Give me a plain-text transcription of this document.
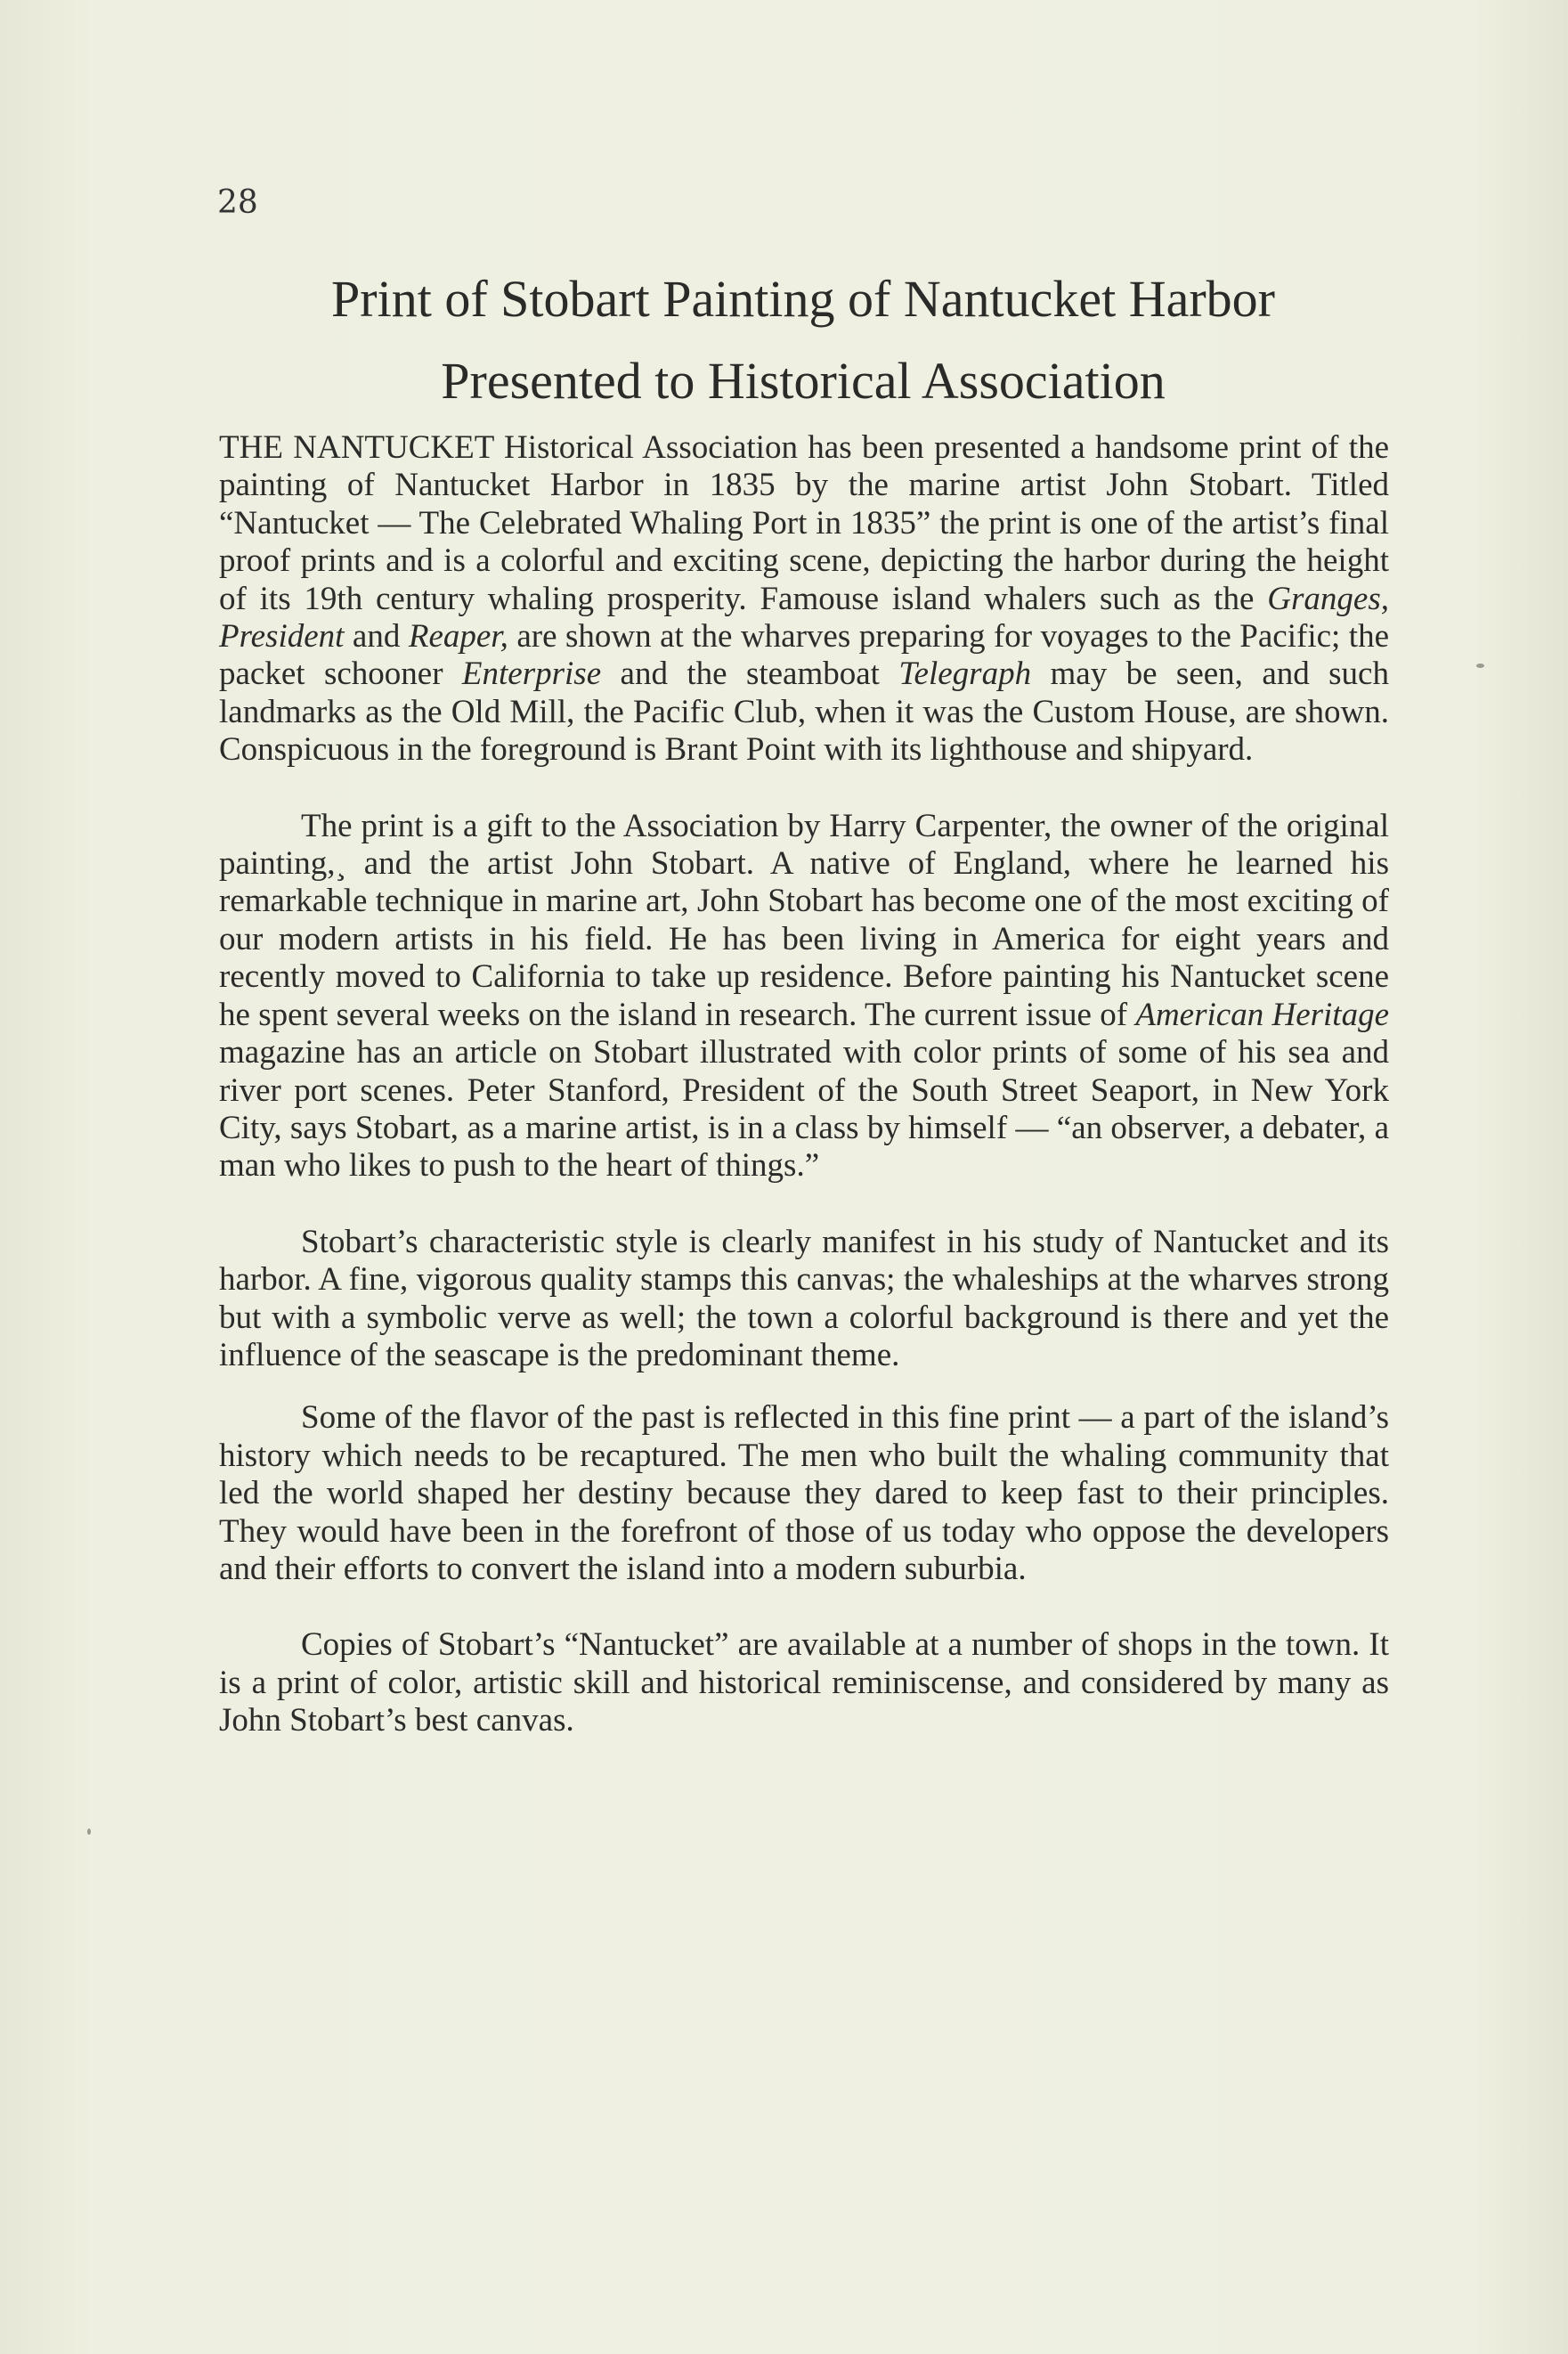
28
Print of Stobart Painting of Nantucket Harbor
Presented to Historical Association

THE NANTUCKET Historical Association has been presented a handsome print of the painting of Nantucket Harbor in 1835 by the marine artist John Stobart. Titled “Nantucket — The Celebrated Whaling Port in 1835” the print is one of the artist’s final proof prints and is a colorful and exciting scene, depicting the harbor during the height of its 19th century whaling prosperity. Famouse island whalers such as the Granges, President and Reaper, are shown at the wharves preparing for voyages to the Pacific; the packet schooner Enterprise and the steamboat Telegraph may be seen, and such landmarks as the Old Mill, the Pacific Club, when it was the Custom House, are shown. Conspicuous in the foreground is Brant Point with its lighthouse and shipyard.

The print is a gift to the Association by Harry Carpenter, the owner of the original painting,¸ and the artist John Stobart. A native of England, where he learned his remarkable technique in marine art, John Stobart has become one of the most exciting of our modern artists in his field. He has been living in America for eight years and recently moved to California to take up residence. Before painting his Nantucket scene he spent several weeks on the island in research. The current issue of American Heritage magazine has an article on Stobart illustrated with color prints of some of his sea and river port scenes. Peter Stanford, President of the South Street Seaport, in New York City, says Stobart, as a marine artist, is in a class by himself — “an observer, a debater, a man who likes to push to the heart of things.”

Stobart’s characteristic style is clearly manifest in his study of Nantucket and its harbor. A fine, vigorous quality stamps this canvas; the whaleships at the wharves strong but with a symbolic verve as well; the town a colorful background is there and yet the influence of the seascape is the predominant theme.

Some of the flavor of the past is reflected in this fine print — a part of the island’s history which needs to be recaptured. The men who built the whaling community that led the world shaped her destiny because they dared to keep fast to their principles. They would have been in the forefront of those of us today who oppose the developers and their efforts to convert the island into a modern suburbia.

Copies of Stobart’s “Nantucket” are available at a number of shops in the town. It is a print of color, artistic skill and historical reminiscense, and considered by many as John Stobart’s best canvas.
